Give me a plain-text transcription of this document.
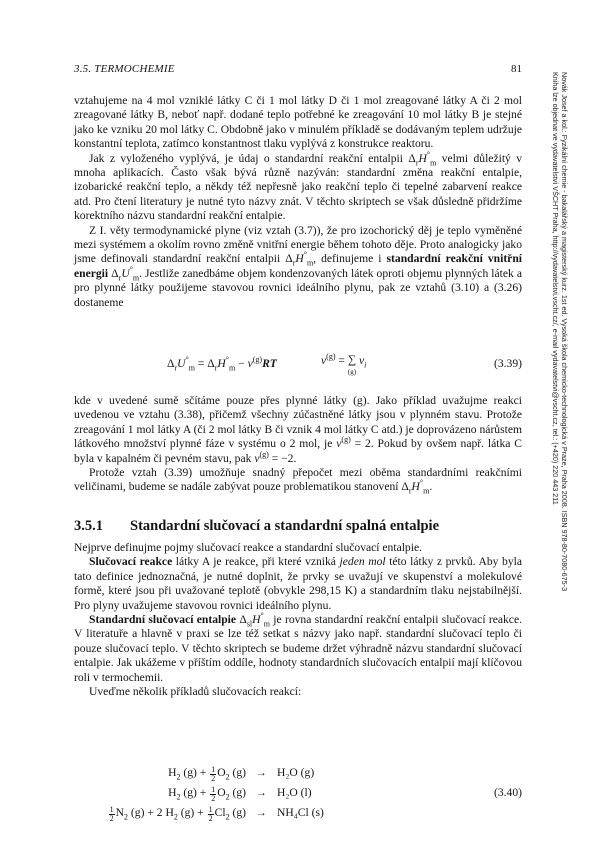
3.5. TERMOCHEMIE	81
Novák Josef a kol.: Fyzikální chemie - bakalářský a magisterský kurz. 1st ed. Vysoká škola chemicko-technologická v Praze, Praha 2008. ISBN 978-80-7080-675-3
Kniha lze objednat ve vydavatelství VŠCHT Praha, http://vydavatelstvi.vscht.cz/, e-mail vydavatelstvi@vscht.cz, tel.: (+420) 220 443 211

vztahujeme na 4 mol vzniklé látky C či 1 mol látky D či 1 mol zreagované látky A či 2 mol zreagované látky B, neboť např. dodané teplo potřebné ke zreagování 10 mol látky B je stejné jako ke vzniku 20 mol látky C. Obdobně jako v minulém příkladě se dodávaným teplem udržuje konstantní teplota, zatímco konstantnost tlaku vyplývá z konstrukce reaktoru.

Jak z vyloženého vyplývá, je údaj o standardní reakční entalpii $\Delta_rH^\circ_m$ velmi důležitý v mnoha aplikacích. Často však bývá různě nazýván: standardní změna reakční entalpie, izobarické reakční teplo, a někdy též nepřesně jako reakční teplo či tepelné zabarvení reakce atd. Pro čtení literatury je nutné tyto názvy znát. V těchto skriptech se však důsledně přidržíme korektního názvu standardní reakční entalpie.

Z I. věty termodynamické plyne (viz vztah (3.7)), že pro izochorický děj je teplo vyměněné mezi systémem a okolím rovno změně vnitřní energie během tohoto děje. Proto analogicky jako jsme definovali standardní reakční entalpii $\Delta_rH^\circ_m$, definujeme i standardní reakční vnitřní energii $\Delta_rU^\circ_m$. Jestliže zanedbáme objem kondenzovaných látek oproti objemu plynných látek a pro plynné látky použijeme stavovou rovnici ideálního plynu, pak ze vztahů (3.10) a (3.26) dostaneme

$\Delta_rU^\circ_m = \Delta_rH^\circ_m - \nu^{(g)}RT$	$\nu^{(g)}$ = ∑
(g) $\nu_i$	(3.39)

kde v uvedené sumě sčítáme pouze přes plynné látky (g). Jako příklad uvažujme reakci uvedenou ve vztahu (3.38), přičemž všechny zúčastněné látky jsou v plynném stavu. Protože zreagování 1 mol látky A (či 2 mol látky B či vznik 4 mol látky C atd.) je doprovázeno nárůstem látkového množství plynné fáze v systému o 2 mol, je $\nu^{(g)} = 2$. Pokud by ovšem např. látka C byla v kapalném či pevném stavu, pak $\nu^{(g)} = -2$.

Protože vztah (3.39) umožňuje snadný přepočet mezi oběma standardními reakčními veličinami, budeme se nadále zabývat pouze problematikou stanovení $\Delta_rH^\circ_m$.

3.5.1 Standardní slučovací a standardní spalná entalpie

Nejprve definujme pojmy slučovací reakce a standardní slučovací entalpie.

Slučovací reakce látky A je reakce, při které vzniká jeden mol této látky z prvků. Aby byla tato definice jednoznačná, je nutné doplnit, že prvky se uvažují ve skupenství a molekulové formě, které jsou při uvažované teplotě (obvykle 298,15 K) a standardním tlaku nejstabilnější. Pro plyny uvažujeme stavovou rovnici ideálního plynu.

Standardní slučovací entalpie $\Delta_{sl}H^\circ_m$ je rovna standardní reakční entalpii slučovací reakce. V literatuře a hlavně v praxi se lze též setkat s názvy jako např. standardní slučovací teplo či pouze slučovací teplo. V těchto skriptech se budeme držet výhradně názvu standardní slučovací entalpie. Jak ukážeme v příštím oddíle, hodnoty standardních slučovacích entalpií mají klíčovou roli v termochemii.

Uveďme několik příkladů slučovacích reakcí:

$H_2$ $(g) + \frac{1}{2} O_2$ (g) → H₂O (g)
$H_2$ $(g) + \frac{1}{2} O_2$ (g) → H₂O (l)	(3.40)
$\frac{1}{2} N_2$ (g) + 2 $H_2$ $(g) + \frac{1}{2} Cl_2$ (g) → NH₄Cl (s)
